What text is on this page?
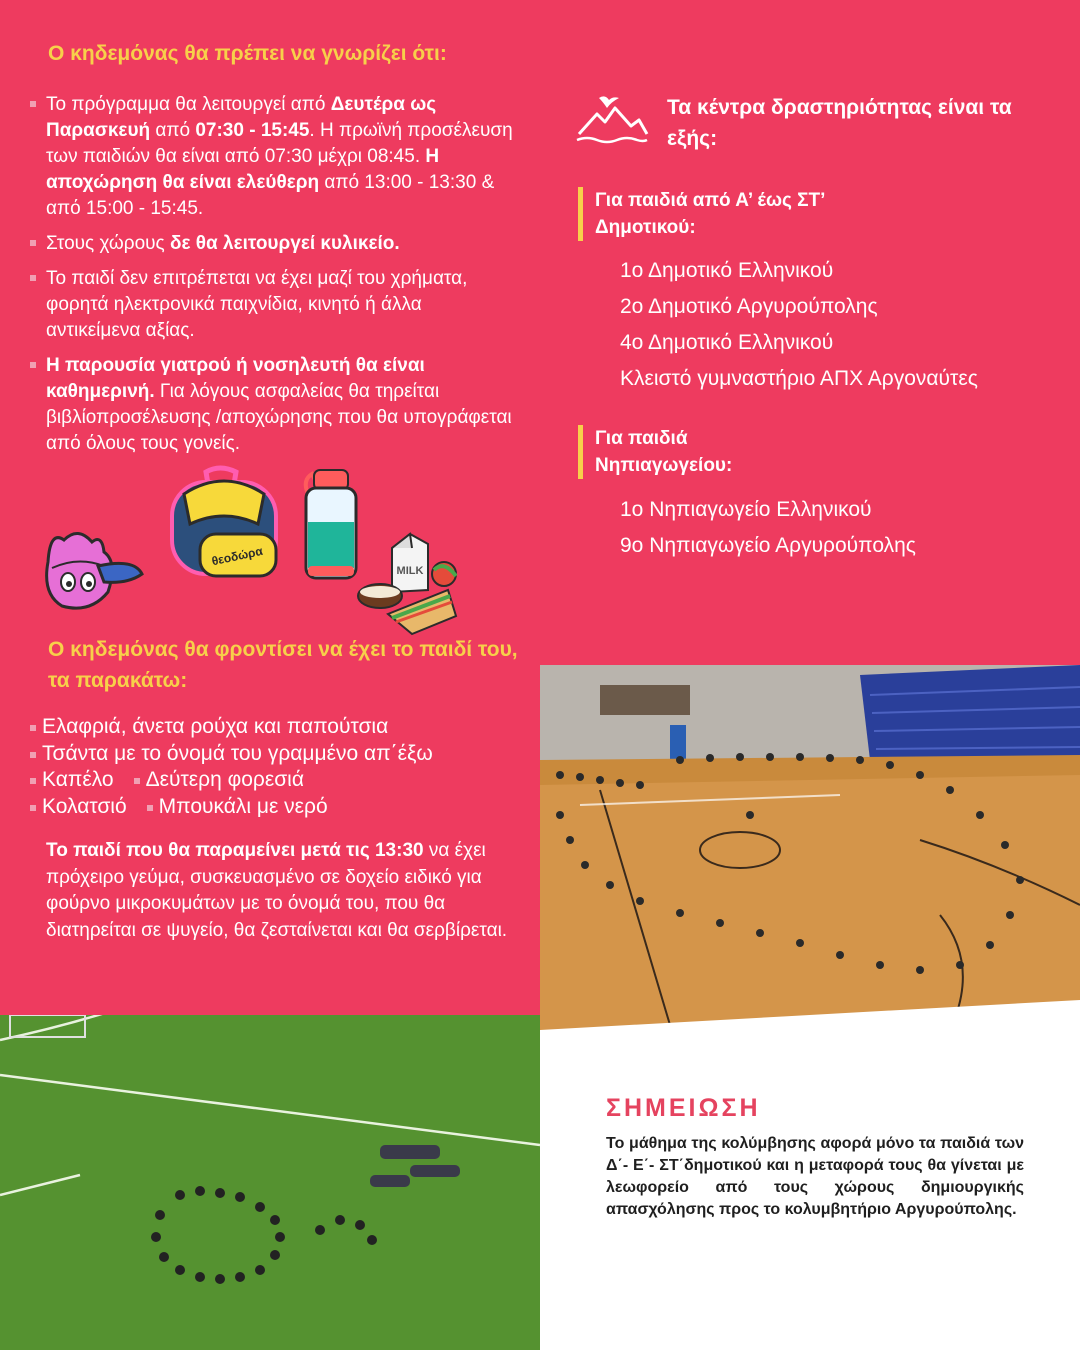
Ο κηδεμόνας θα πρέπει να γνωρίζει ότι:
Το πρόγραμμα θα λειτουργεί από Δευτέρα ως Παρασκευή από 07:30 - 15:45. Η πρωϊνή προσέλευση των παιδιών θα είναι από 07:30 μέχρι 08:45. Η αποχώρηση θα είναι ελεύθερη από 13:00 - 13:30 & από 15:00 - 15:45.
Στους χώρους δε θα λειτουργεί κυλικείο.
Το παιδί δεν επιτρέπεται να έχει μαζί του χρήματα, φορητά ηλεκτρονικά παιχνίδια, κινητό ή άλλα αντικείμενα αξίας.
Η παρουσία γιατρού ή νοσηλευτή θα είναι καθημερινή. Για λόγους ασφαλείας θα τηρείται βιβλίοπροσέλευσης /αποχώρησης που θα υπογράφεται από όλους τους γονείς.
θεοδώρα
MILK
Ο κηδεμόνας θα φροντίσει να έχει το παιδί του, τα παρακάτω:
Ελαφριά, άνετα ρούχα και παπούτσια
Τσάντα με το όνομά του γραμμένο απ΄έξω
Καπέλο	Δεύτερη φορεσιά
Κολατσιό	Μπουκάλι με νερό
Το παιδί που θα παραμείνει μετά τις 13:30 να έχει πρόχειρο γεύμα, συσκευασμένο σε δοχείο ειδικό για φούρνο μικροκυμάτων με το όνομά του, που θα διατηρείται σε ψυγείο, θα ζεσταίνεται και θα σερβίρεται.
Τα κέντρα δραστηριότητας είναι τα εξής:
Για παιδιά από Α’ έως ΣΤ’ Δημοτικού:
1ο Δημοτικό Ελληνικού
2ο Δημοτικό Αργυρούπολης
4ο Δημοτικό Ελληνικού
Κλειστό γυμναστήριο ΑΠΧ Αργοναύτες
Για παιδιά Νηπιαγωγείου:
1ο Νηπιαγωγείο Ελληνικού
9ο Νηπιαγωγείο Αργυρούπολης
ΣΗΜΕΙΩΣΗ
Το μάθημα της κολύμβησης αφορά μόνο τα παιδιά των Δ΄- Ε΄- ΣΤ΄δημοτικού και η μεταφορά τους θα γίνεται με λεωφορείο από τους χώρους δημιουργικής απασχόλησης προς το κολυμβητήριο Αργυρούπολης.
